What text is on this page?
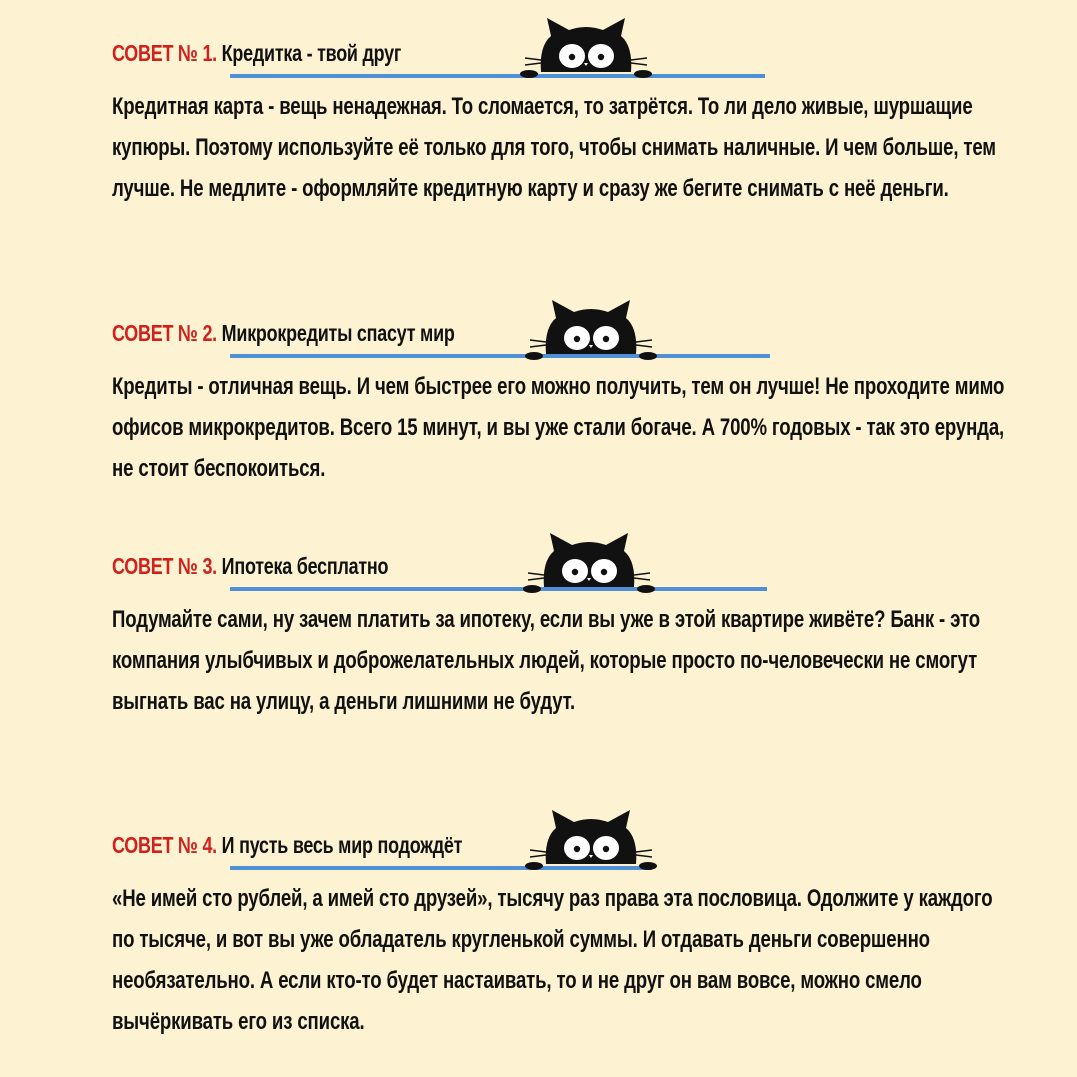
СОВЕТ № 1. Кредитка - твой друг

Кредитная карта - вещь ненадежная. То сломается, то затрётся. То ли дело живые, шуршащие купюры. Поэтому используйте её только для того, чтобы снимать наличные. И чем больше, тем лучше. Не медлите - оформляйте кредитную карту и сразу же бегите снимать с неё деньги.

СОВЕТ № 2. Микрокредиты спасут мир

Кредиты - отличная вещь. И чем быстрее его можно получить, тем он лучше! Не проходите мимо офисов микрокредитов. Всего 15 минут, и вы уже стали богаче. А 700% годовых - так это ерунда, не стоит беспокоиться.

СОВЕТ № 3. Ипотека бесплатно

Подумайте сами, ну зачем платить за ипотеку, если вы уже в этой квартире живёте? Банк - это компания улыбчивых и доброжелательных людей, которые просто по-человечески не смогут выгнать вас на улицу, а деньги лишними не будут.

СОВЕТ № 4. И пусть весь мир подождёт

«Не имей сто рублей, а имей сто друзей», тысячу раз права эта пословица. Одолжите у каждого по тысяче, и вот вы уже обладатель кругленькой суммы. И отдавать деньги совершенно необязательно. А если кто-то будет настаивать, то и не друг он вам вовсе, можно смело вычёркивать его из списка.
